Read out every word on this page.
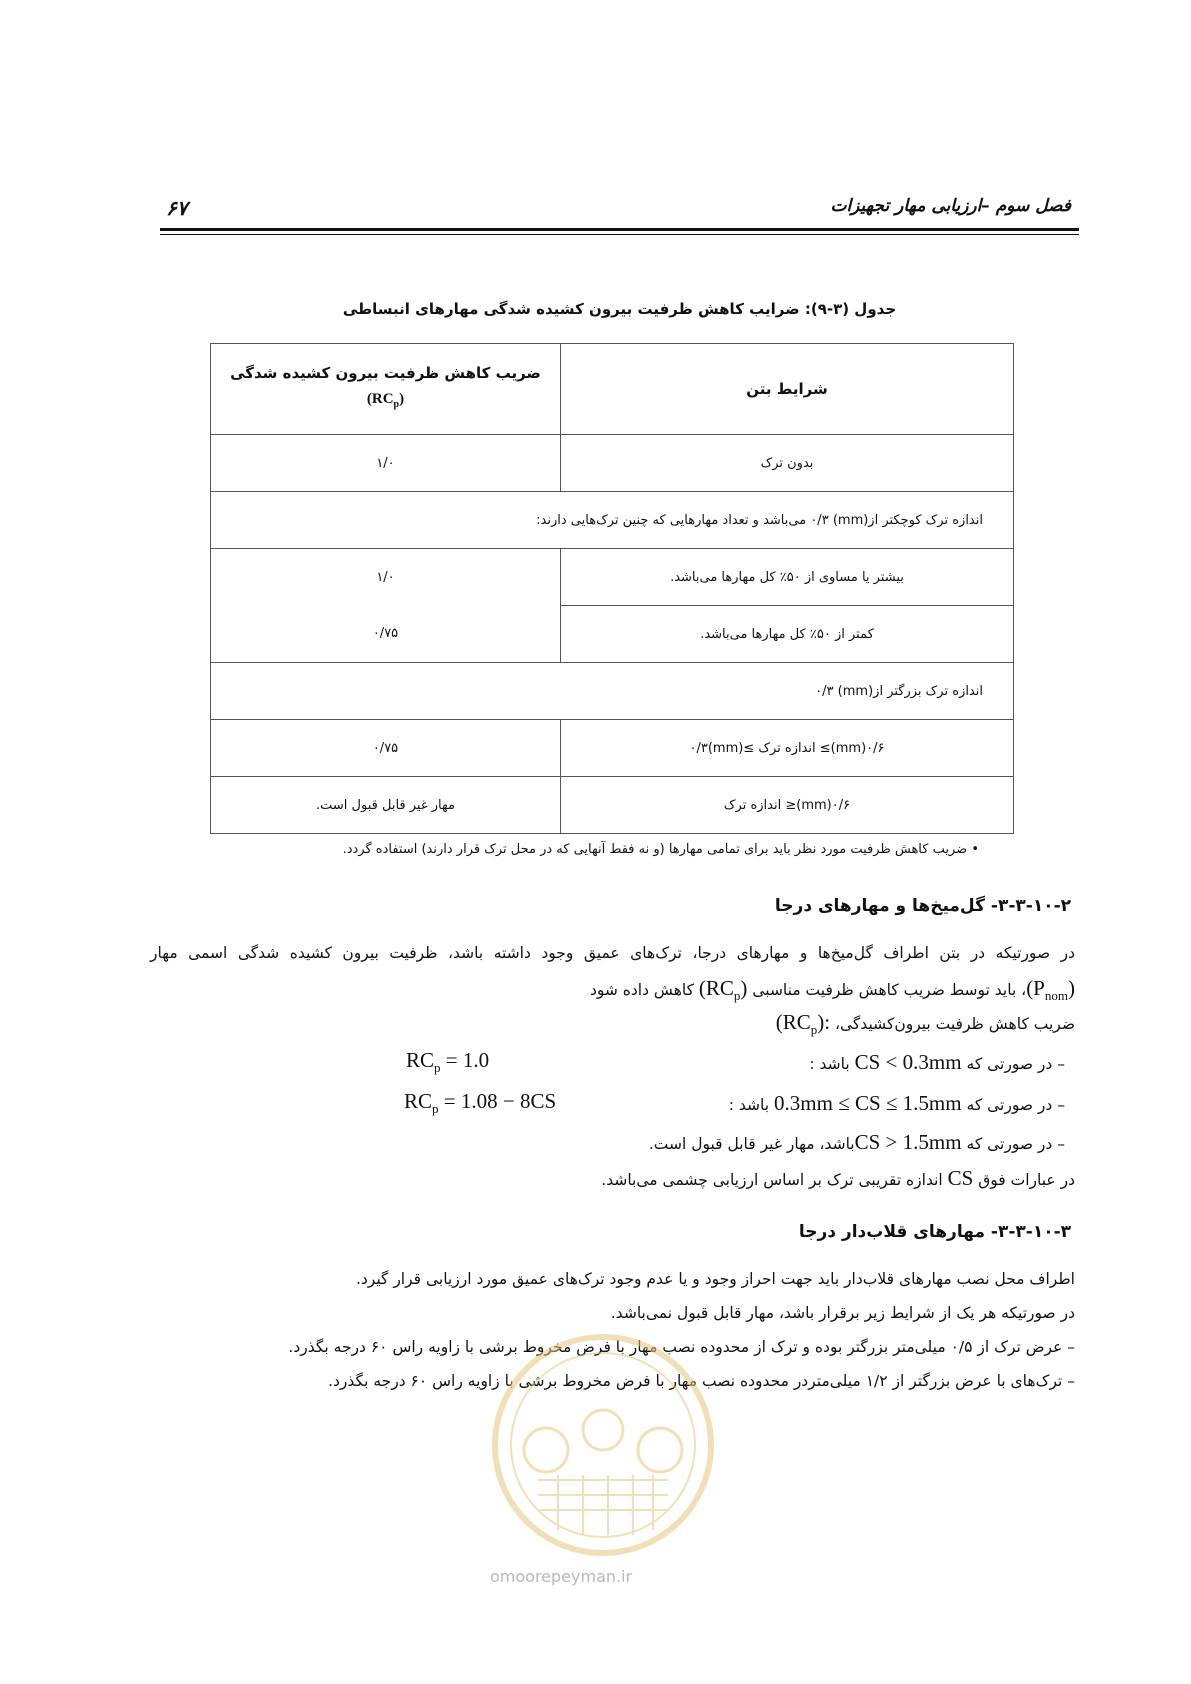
فصل سوم –ارزیابی مهار تجهیزات
۶۷
جدول (۳-۹): ضرایب کاهش ظرفیت بیرون کشیده شدگی مهارهای انبساطی
شرایط بتن	ضریب کاهش ظرفیت بیرون کشیده شدگی
$(RC_p)$

بدون ترک	۱/۰
اندازه ترک کوچکتر از(mm) ۰/۳ می‌باشد و تعداد مهارهایی که چنین ترک‌هایی دارند:	
بیشتر یا مساوی از ۵۰٪ کل مهارها می‌باشد.	۱/۰
کمتر از ۵۰٪ کل مهارها می‌باشد.	۰/۷۵
اندازه ترک بزرگتر از(mm) ۰/۳	
۰/۶(mm)≥ اندازه ترک ≥(mm)۰/۳	۰/۷۵
۰/۶(mm)≤ اندازه ترک	مهار غیر قابل قبول است.
• ضریب کاهش ظرفیت مورد نظر باید برای تمامی مهارها (و نه فقط آنهایی که در محل ترک قرار دارند) استفاده گردد.
۳-۳-۱۰-۲- گل‌میخ‌ها و مهارهای درجا
در صورتیکه در بتن اطراف گل‌میخ‌ها و مهارهای درجا، ترک‌های عمیق وجود داشته باشد، ظرفیت بیرون کشیده شدگی اسمی مهار
$(P_{nom})،$ باید توسط ضریب کاهش ظرفیت مناسبی $(RC_p)$ کاهش داده شود
ضریب کاهش ظرفیت بیرون‌کشیدگی، $(RC_p)$:
– در صورتی که CS < 0.3mm باشد :
$RC_p = 1.0$
– در صورتی که 0.3mm ≤ CS ≤ 1.5mm باشد :
$RC_p = 1.08 - 8CS$
– در صورتی که CS > 1.5mmباشد، مهار غیر قابل قبول است.
در عبارات فوق CS اندازه تقریبی ترک بر اساس ارزیابی چشمی می‌باشد.
۳-۳-۱۰-۳- مهارهای قلاب‌دار درجا
اطراف محل نصب مهارهای قلاب‌دار باید جهت احراز وجود و یا عدم وجود ترک‌های عمیق مورد ارزیابی قرار گیرد.
در صورتیکه هر یک از شرایط زیر برقرار باشد، مهار قابل قبول نمی‌باشد.
– عرض ترک از ۰/۵ میلی‌متر بزرگتر بوده و ترک از محدوده نصب مهار با فرض مخروط برشی با زاویه راس ۶۰ درجه بگذرد.
– ترک‌های با عرض بزرگتر از ۱/۲ میلی‌متردر محدوده نصب مهار با فرض مخروط برشی با زاویه راس ۶۰ درجه بگذرد.
omoorepeyman.ir
